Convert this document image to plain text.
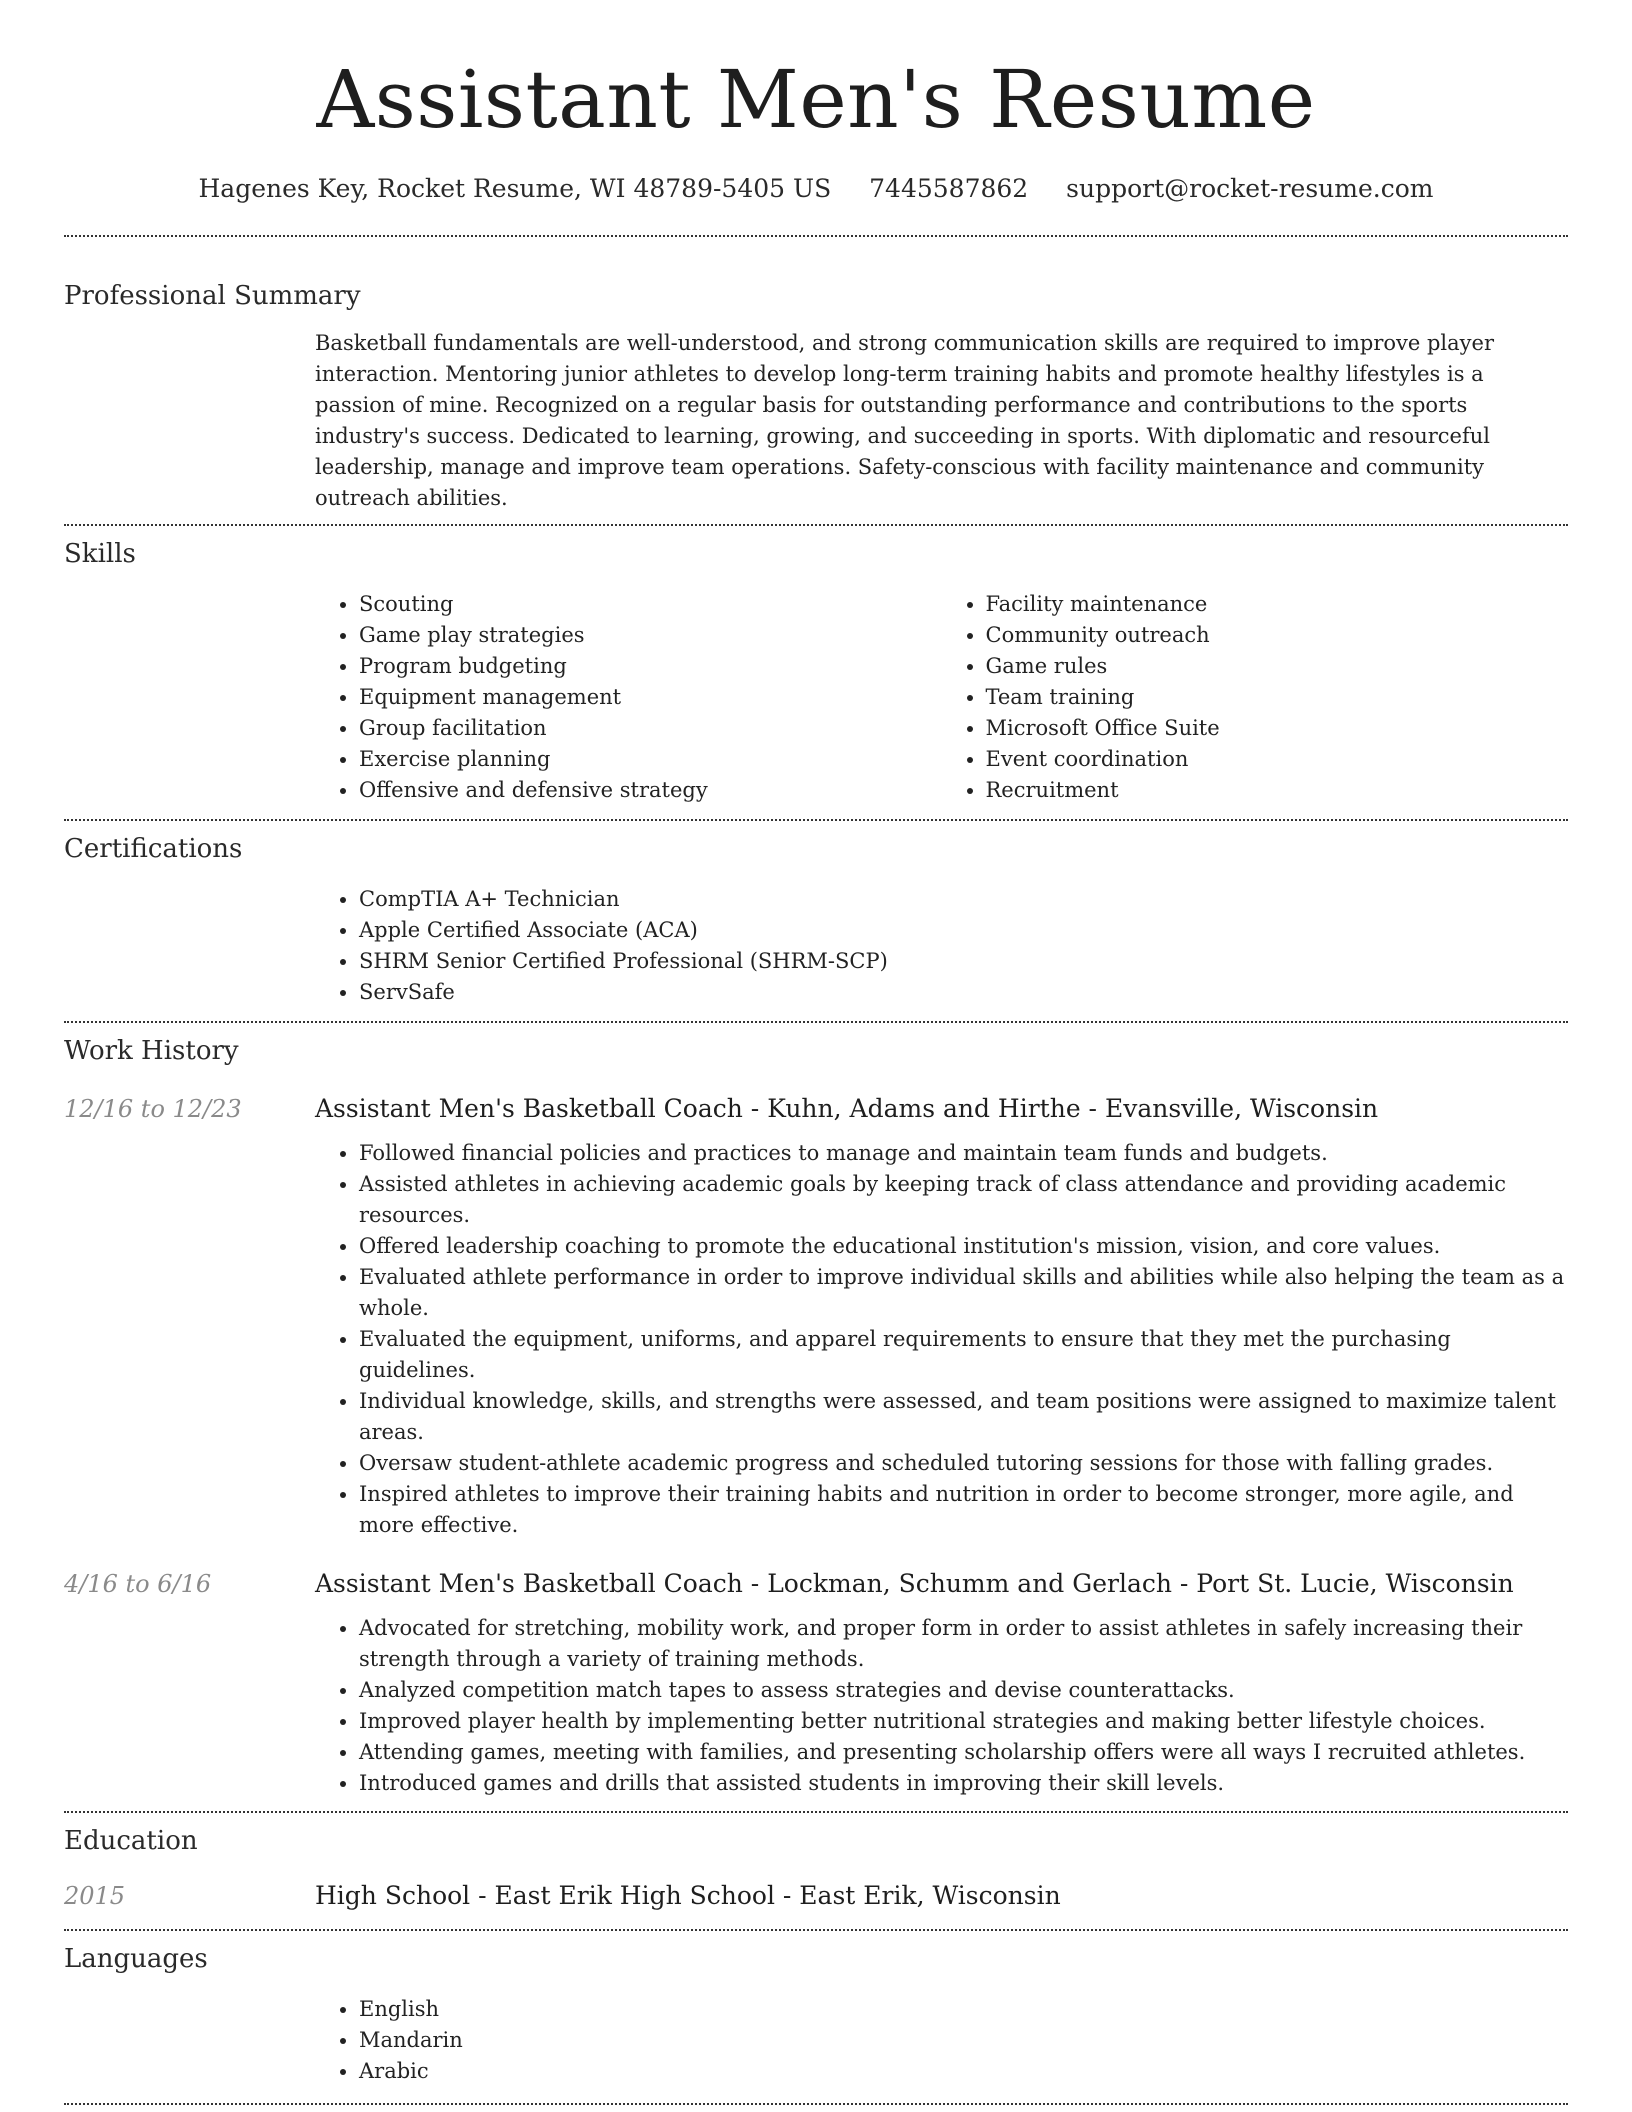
Assistant Men's Resume
Hagenes Key, Rocket Resume, WI 48789-5405 US 7445587862 support@rocket-resume.com
Professional Summary

Basketball fundamentals are well-understood, and strong communication skills are required to improve player interaction. Mentoring junior athletes to develop long-term training habits and promote healthy lifestyles is a passion of mine. Recognized on a regular basis for outstanding performance and contributions to the sports industry's success. Dedicated to learning, growing, and succeeding in sports. With diplomatic and resourceful leadership, manage and improve team operations. Safety-conscious with facility maintenance and community outreach abilities.

Skills
• Scouting
• Game play strategies
• Program budgeting
• Equipment management
• Group facilitation
• Exercise planning
• Offensive and defensive strategy
• Facility maintenance
• Community outreach
• Game rules
• Team training
• Microsoft Office Suite
• Event coordination
• Recruitment
Certifications
• CompTIA A+ Technician
• Apple Certified Associate (ACA)
• SHRM Senior Certified Professional (SHRM-SCP)
• ServSafe
Work History
12/16 to 12/23	Assistant Men's Basketball Coach - Kuhn, Adams and Hirthe - Evansville, Wisconsin
• Followed financial policies and practices to manage and maintain team funds and budgets.
• Assisted athletes in achieving academic goals by keeping track of class attendance and providing academic resources.
• Offered leadership coaching to promote the educational institution's mission, vision, and core values.
• Evaluated athlete performance in order to improve individual skills and abilities while also helping the team as a whole.
• Evaluated the equipment, uniforms, and apparel requirements to ensure that they met the purchasing guidelines.
• Individual knowledge, skills, and strengths were assessed, and team positions were assigned to maximize talent areas.
• Oversaw student-athlete academic progress and scheduled tutoring sessions for those with falling grades.
• Inspired athletes to improve their training habits and nutrition in order to become stronger, more agile, and more effective.
4/16 to 6/16	Assistant Men's Basketball Coach - Lockman, Schumm and Gerlach - Port St. Lucie, Wisconsin
• Advocated for stretching, mobility work, and proper form in order to assist athletes in safely increasing their strength through a variety of training methods.
• Analyzed competition match tapes to assess strategies and devise counterattacks.
• Improved player health by implementing better nutritional strategies and making better lifestyle choices.
• Attending games, meeting with families, and presenting scholarship offers were all ways I recruited athletes.
• Introduced games and drills that assisted students in improving their skill levels.
Education
2015	High School - East Erik High School - East Erik, Wisconsin
Languages
• English
• Mandarin
• Arabic
